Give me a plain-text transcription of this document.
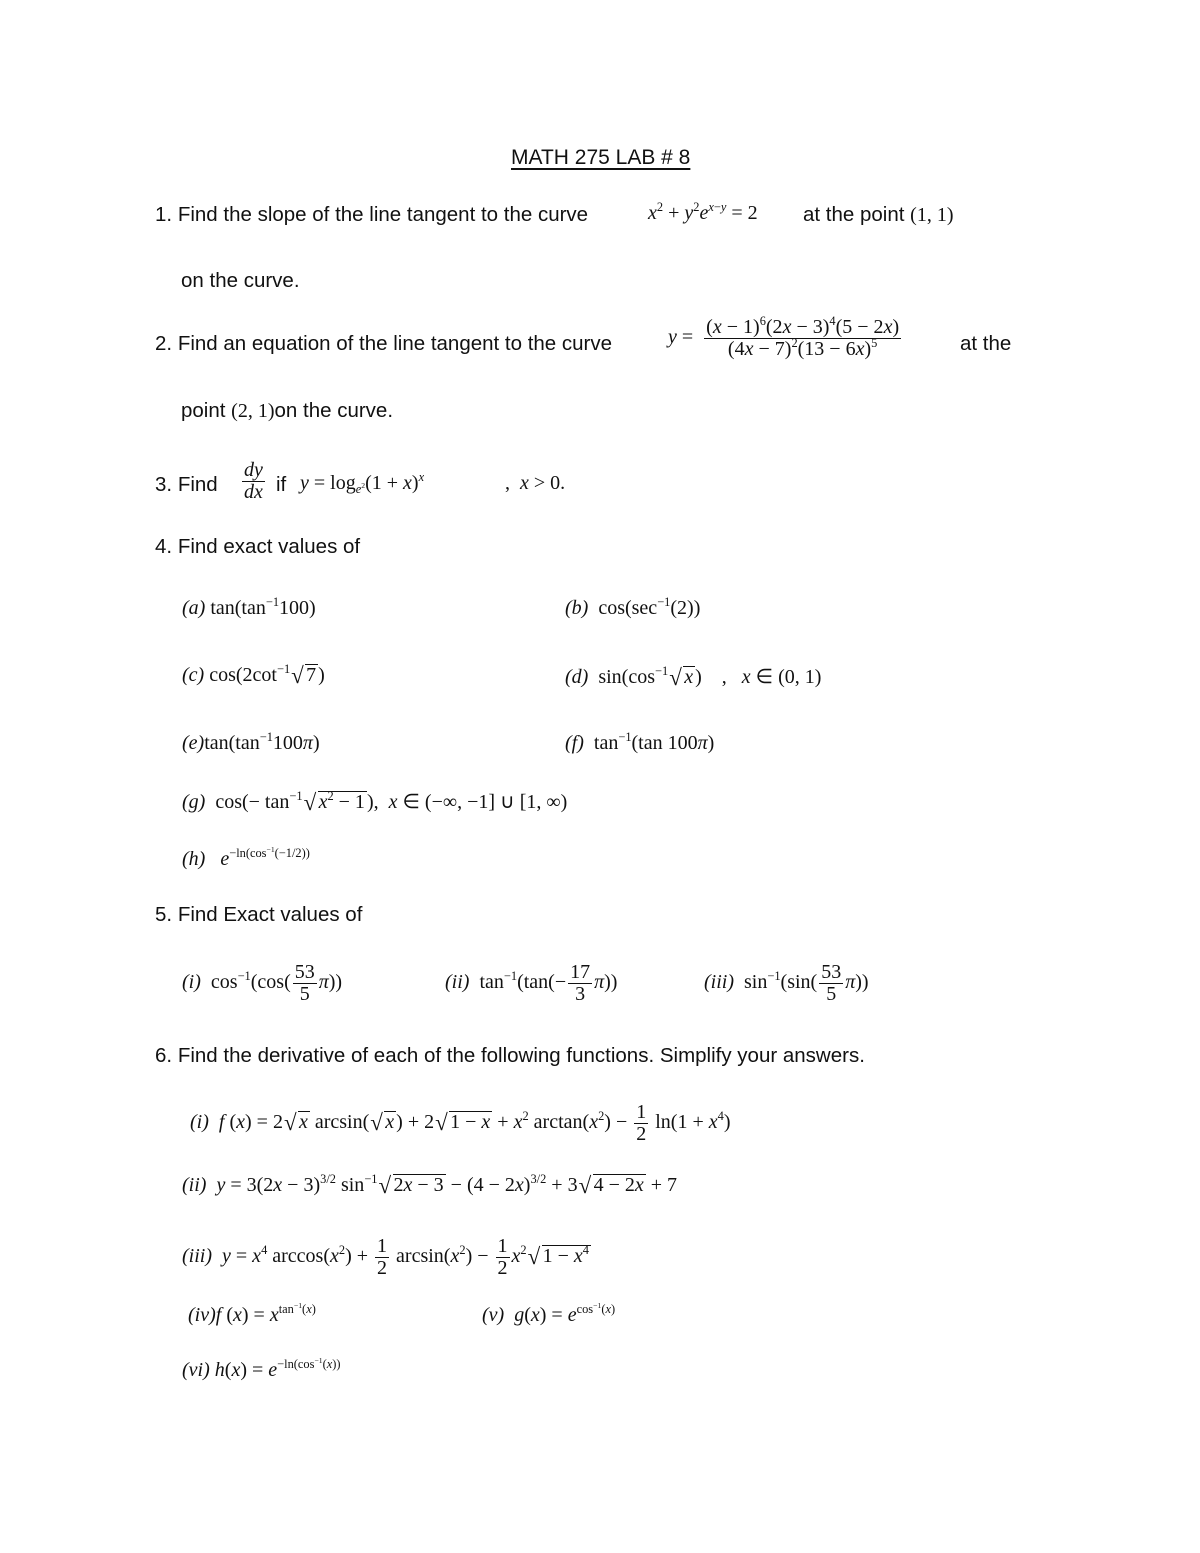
MATH 275 LAB # 8
1. Find the slope of the line tangent to the curve	$x^2 + y^2e^{x-y} = 2$ at the point (1, 1)
on the curve.
2. Find an equation of the line tangent to the curve	$y = \frac{(x - 1)^6(2x - 3)^4(5 - 2x)}{(4x - 7)^2(13 - 6x)^5}$	at the
point (2, 1)on the curve.
3. Find $\frac{dy}{dx}$ if $y = \log_{e^2}(1 + x)^x$	,  x > 0.
4. Find exact values of
(a) $\tan(\tan^{-1}100)$	(b)  $\cos(\sec^{-1}(2))$
(c) $\cos(2\cot^{-1}√$ 7 )	(d)  $\sin(\cos^{-1}√$ x )    ,   x ∈ (0, 1)
$(e)\tan(\tan^{-1}100\pi)$	(f)  $\tan^{-1}(\tan$ 100π)
(g)  $\cos(- \tan^{-1}√$ $x^2 - 1$ ),  x ∈ (−∞, −1] ∪ [1, ∞)
(h) $e^{-ln(cos^{-1}(-1/2))}$
5. Find Exact values of
(i)  $\cos^{-1}(\cos( \frac{53}{5} \pi))$	(ii)  $\tan^{-1}(\tan(- \frac{17}{3} \pi))$	(iii)  $\sin^{-1}(\sin( \frac{53}{5} \pi))$
6. Find the derivative of each of the following functions. Simplify your answers.
(i) f (x) = 2√ x arcsin(√ x ) + 2√ $1 - x + x^2$ $\arctan(x^2) - \frac{1}{2} \ln(1 + x^4)$
(ii) $y = 3(2x - 3)^{3/2}$ $\sin^{-1}√$ $2x - 3 - (4 - 2x)^{3/2} + 3√$ 4 − 2x + 7
(iii) $y = x^4$ $\arccos(x^2) + \frac{1}{2} \arcsin(x^2) - \frac{1}{2} x^2√$ $1 - x^4$
(iv)f $(x) = x^{tan^{-1}(x)}$	(v) $g(x) = e^{cos^{-1}(x)}$
(vi) $h(x) = e^{-ln(cos^{-1}(x))}$
